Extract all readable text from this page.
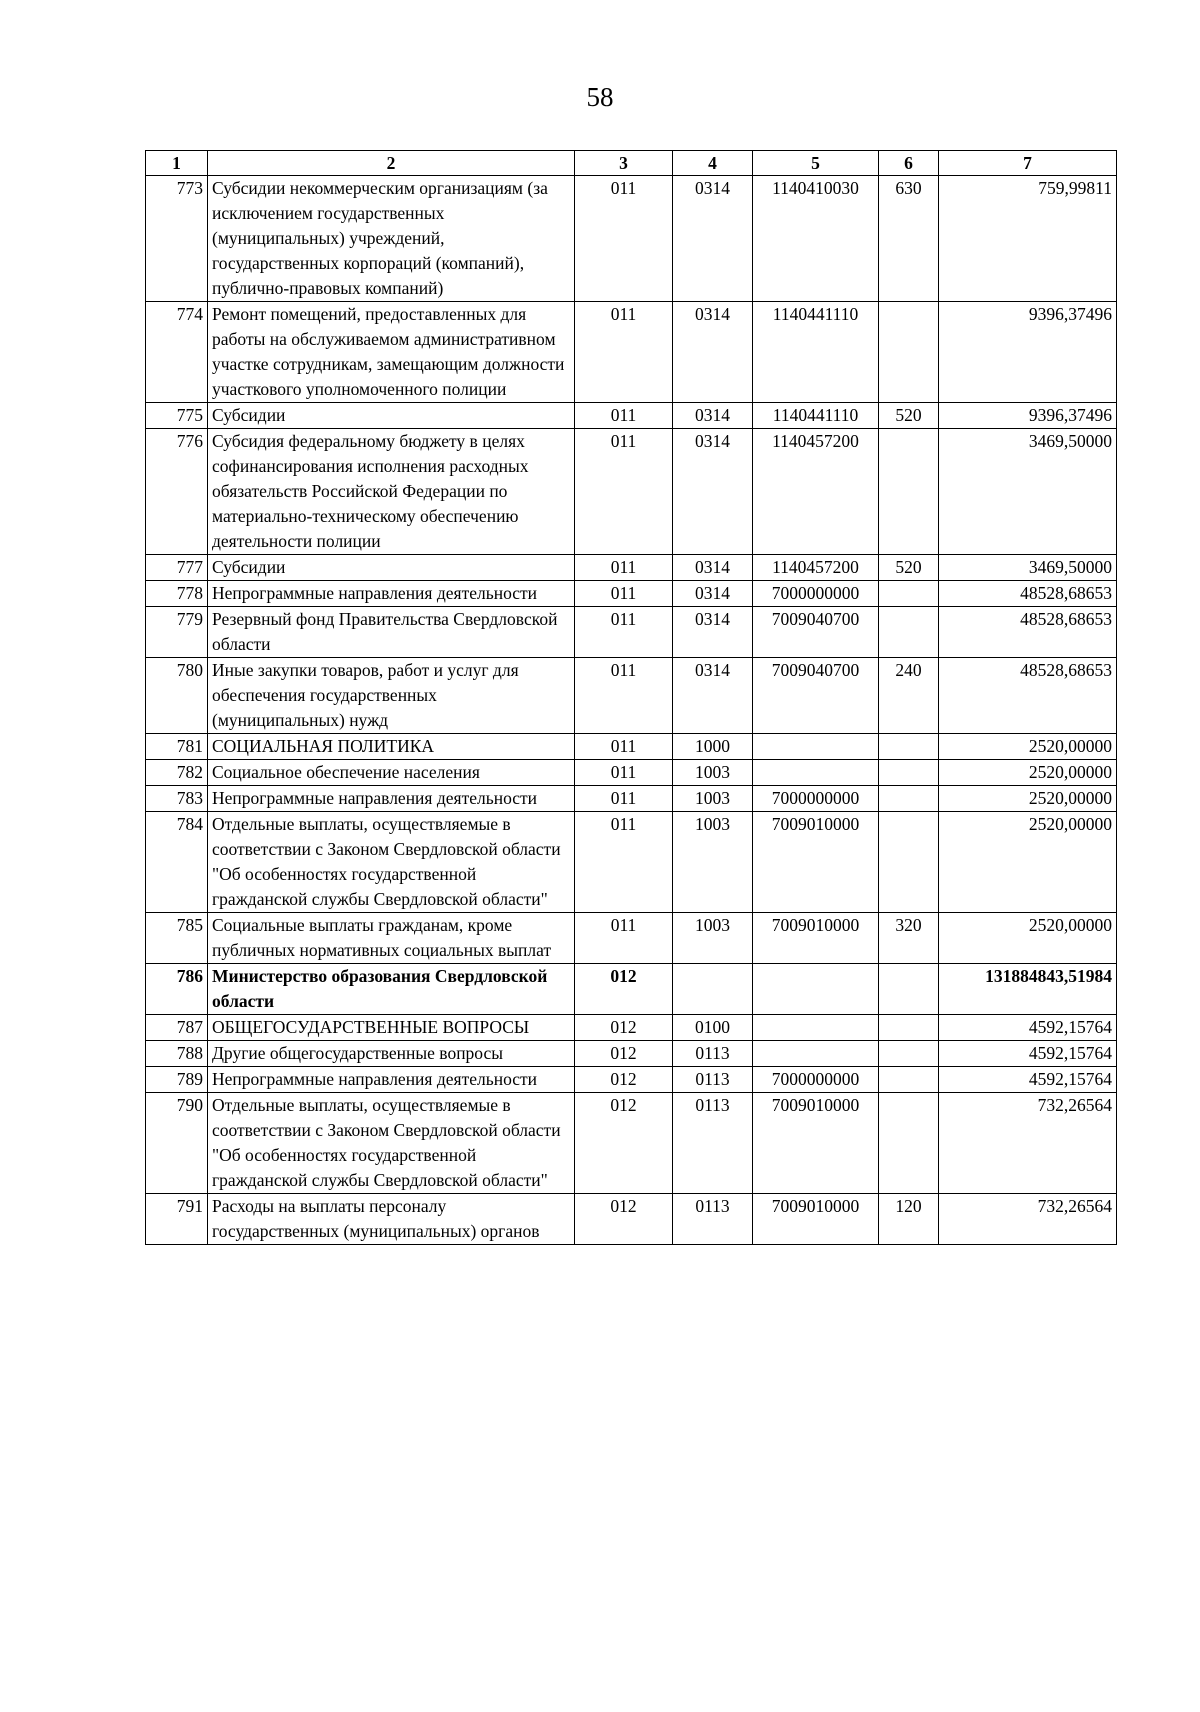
58
1	2	3	4	5	6	7
773	Субсидии некоммерческим организациям (за исключением государственных (муниципальных) учреждений, государственных корпораций (компаний), публично-правовых компаний)	011	0314	1140410030	630	759,99811
774	Ремонт помещений, предоставленных для работы на обслуживаемом административном участке сотрудникам, замещающим должности участкового уполномоченного полиции	011	0314	1140441110		9396,37496
775	Субсидии	011	0314	1140441110	520	9396,37496
776	Субсидия федеральному бюджету в целях софинансирования исполнения расходных обязательств Российской Федерации по материально-техническому обеспечению деятельности полиции	011	0314	1140457200		3469,50000
777	Субсидии	011	0314	1140457200	520	3469,50000
778	Непрограммные направления деятельности	011	0314	7000000000		48528,68653
779	Резервный фонд Правительства Свердловской области	011	0314	7009040700		48528,68653
780	Иные закупки товаров, работ и услуг для обеспечения государственных (муниципальных) нужд	011	0314	7009040700	240	48528,68653
781	СОЦИАЛЬНАЯ ПОЛИТИКА	011	1000			2520,00000
782	Социальное обеспечение населения	011	1003			2520,00000
783	Непрограммные направления деятельности	011	1003	7000000000		2520,00000
784	Отдельные выплаты, осуществляемые в соответствии с Законом Свердловской области "Об особенностях государственной гражданской службы Свердловской области"	011	1003	7009010000		2520,00000
785	Социальные выплаты гражданам, кроме публичных нормативных социальных выплат	011	1003	7009010000	320	2520,00000
786	Министерство образования Свердловской области	012				131884843,51984
787	ОБЩЕГОСУДАРСТВЕННЫЕ ВОПРОСЫ	012	0100			4592,15764
788	Другие общегосударственные вопросы	012	0113			4592,15764
789	Непрограммные направления деятельности	012	0113	7000000000		4592,15764
790	Отдельные выплаты, осуществляемые в соответствии с Законом Свердловской области "Об особенностях государственной гражданской службы Свердловской области"	012	0113	7009010000		732,26564
791	Расходы на выплаты персоналу государственных (муниципальных) органов	012	0113	7009010000	120	732,26564
